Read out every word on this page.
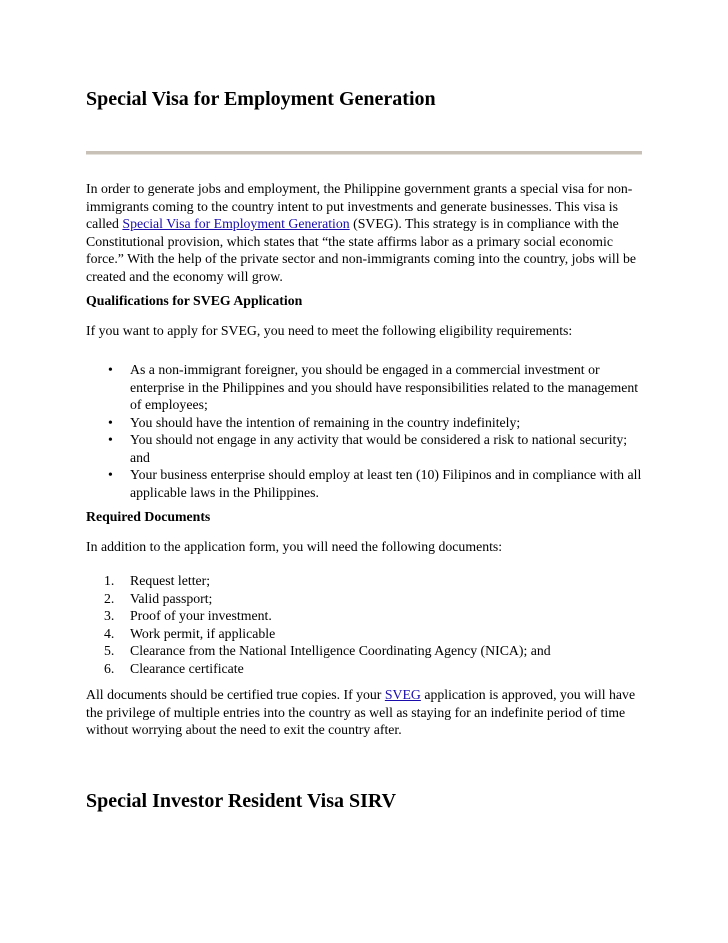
Special Visa for Employment Generation
In order to generate jobs and employment, the Philippine government grants a special visa for non-immigrants coming to the country intent to put investments and generate businesses. This visa is called Special Visa for Employment Generation (SVEG). This strategy is in compliance with the Constitutional provision, which states that “the state affirms labor as a primary social economic force.” With the help of the private sector and non-immigrants coming into the country, jobs will be created and the economy will grow.
Qualifications for SVEG Application
If you want to apply for SVEG, you need to meet the following eligibility requirements:
• As a non-immigrant foreigner, you should be engaged in a commercial investment or enterprise in the Philippines and you should have responsibilities related to the management of employees;
• You should have the intention of remaining in the country indefinitely;
• You should not engage in any activity that would be considered a risk to national security; and
• Your business enterprise should employ at least ten (10) Filipinos and in compliance with all applicable laws in the Philippines.
Required Documents
In addition to the application form, you will need the following documents:
1. Request letter;
2. Valid passport;
3. Proof of your investment.
4. Work permit, if applicable
5. Clearance from the National Intelligence Coordinating Agency (NICA); and
6. Clearance certificate
All documents should be certified true copies. If your SVEG application is approved, you will have the privilege of multiple entries into the country as well as staying for an indefinite period of time without worrying about the need to exit the country after.
Special Investor Resident Visa SIRV
